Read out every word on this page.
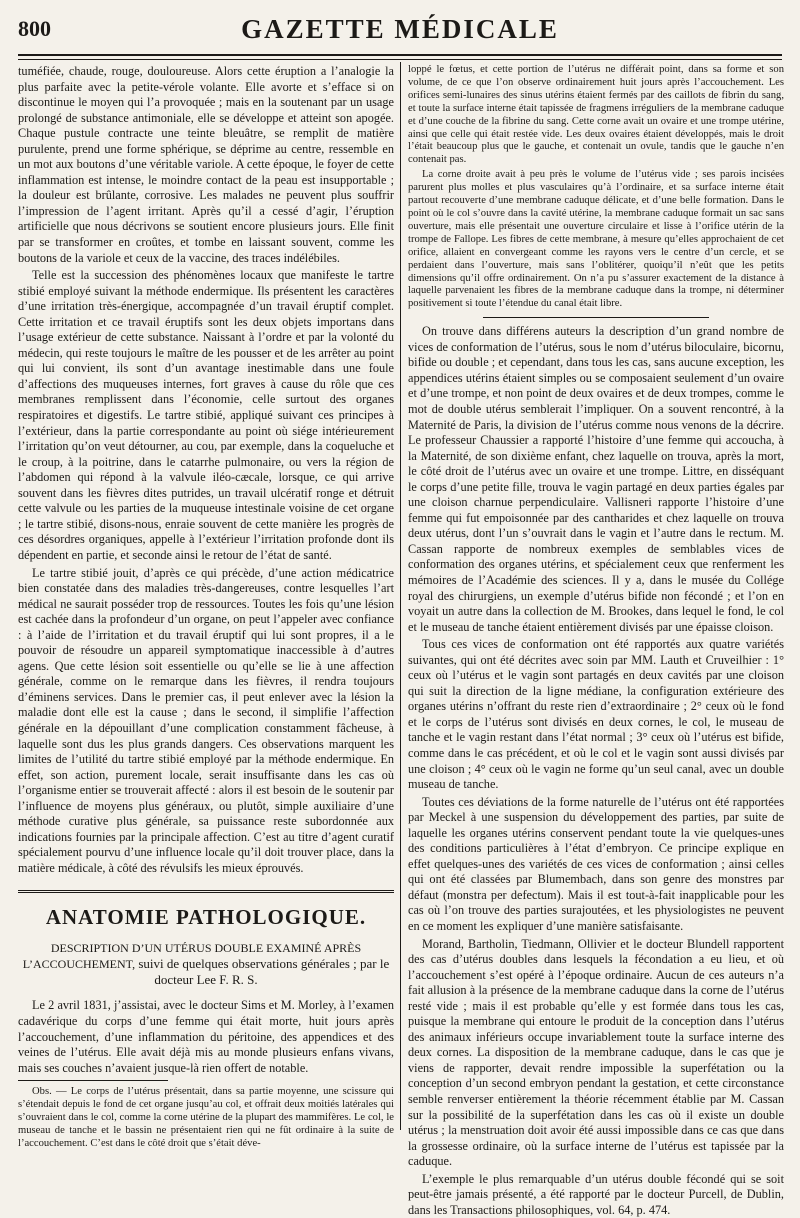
800	GAZETTE MÉDICALE

tuméfiée, chaude, rouge, douloureuse. Alors cette éruption a l’analogie la plus parfaite avec la petite-vérole volante. Elle avorte et s’efface si on discontinue le moyen qui l’a provoquée ; mais en la soutenant par un usage prolongé de substance antimoniale, elle se développe et atteint son apogée. Chaque pustule contracte une teinte bleuâtre, se remplit de matière purulente, prend une forme sphérique, se déprime au centre, ressemble en un mot aux boutons d’une véritable variole. A cette époque, le foyer de cette inflammation est intense, le moindre contact de la peau est insupportable ; la douleur est brûlante, corrosive. Les malades ne peuvent plus souffrir l’impression de l’agent irritant. Après qu’il a cessé d’agir, l’éruption artificielle que nous décrivons se soutient encore plusieurs jours. Elle finit par se transformer en croûtes, et tombe en laissant souvent, comme les boutons de la variole et ceux de la vaccine, des traces indélébiles.

Telle est la succession des phénomènes locaux que manifeste le tartre stibié employé suivant la méthode endermique. Ils présentent les caractères d’une irritation très-énergique, accompagnée d’un travail éruptif complet. Cette irritation et ce travail éruptifs sont les deux objets importans dans l’usage extérieur de cette substance. Naissant à l’ordre et par la volonté du médecin, qui reste toujours le maître de les pousser et de les arrêter au point qui lui convient, ils sont d’un avantage inestimable dans une foule d’affections des muqueuses internes, fort graves à cause du rôle que ces membranes remplissent dans l’économie, celle surtout des organes respiratoires et digestifs. Le tartre stibié, appliqué suivant ces principes à l’extérieur, dans la partie correspondante au point où siége intérieurement l’irritation qu’on veut détourner, au cou, par exemple, dans la coqueluche et le croup, à la poitrine, dans le catarrhe pulmonaire, ou vers la région de l’abdomen qui répond à la valvule iléo-cæcale, lorsque, ce qui arrive souvent dans les fièvres dites putrides, un travail ulcératif ronge et détruit cette valvule ou les parties de la muqueuse intestinale voisine de cet organe ; le tartre stibié, disons-nous, enraie souvent de cette manière les progrès de ces désordres organiques, appelle à l’extérieur l’irritation profonde dont ils dépendent en partie, et seconde ainsi le retour de l’état de santé.

Le tartre stibié jouit, d’après ce qui précède, d’une action médicatrice bien constatée dans des maladies très-dangereuses, contre lesquelles l’art médical ne saurait posséder trop de ressources. Toutes les fois qu’une lésion est cachée dans la profondeur d’un organe, on peut l’appeler avec confiance : à l’aide de l’irritation et du travail éruptif qui lui sont propres, il a le pouvoir de résoudre un appareil symptomatique inaccessible à d’autres agens. Que cette lésion soit essentielle ou qu’elle se lie à une affection générale, comme on le remarque dans les fièvres, il rendra toujours d’éminens services. Dans le premier cas, il peut enlever avec la lésion la maladie dont elle est la cause ; dans le second, il simplifie l’affection générale en la dépouillant d’une complication constamment fâcheuse, à laquelle sont dus les plus grands dangers. Ces observations marquent les limites de l’utilité du tartre stibié employé par la méthode endermique. En effet, son action, purement locale, serait insuffisante dans les cas où l’organisme entier se trouverait affecté : alors il est besoin de le soutenir par l’influence de moyens plus généraux, ou plutôt, simple auxiliaire d’une méthode curative plus générale, sa puissance reste subordonnée aux indications fournies par la principale affection. C’est au titre d’agent curatif spécialement pourvu d’une influence locale qu’il doit trouver place, dans la matière médicale, à côté des révulsifs les mieux éprouvés.

ANATOMIE PATHOLOGIQUE.
DESCRIPTION D’UN UTÉRUS DOUBLE EXAMINÉ APRÈS L’ACCOUCHEMENT, suivi de quelques observations générales ; par le docteur Lee F. R. S.

Le 2 avril 1831, j’assistai, avec le docteur Sims et M. Morley, à l’examen cadavérique du corps d’une femme qui était morte, huit jours après l’accouchement, d’une inflammation du péritoine, des appendices et des veines de l’utérus. Elle avait déjà mis au monde plusieurs enfans vivans, mais ses couches n’avaient jusque-là rien offert de notable.

Obs. — Le corps de l’utérus présentait, dans sa partie moyenne, une scissure qui s’étendait depuis le fond de cet organe jusqu’au col, et offrait deux moitiés latérales qui s’ouvraient dans le col, comme la corne utérine de la plupart des mammifères. Le col, le museau de tanche et le bassin ne présentaient rien qui ne fût ordinaire à la suite de l’accouchement. C’est dans le côté droit que s’était déve-

loppé le fœtus, et cette portion de l’utérus ne différait point, dans sa forme et son volume, de ce que l’on observe ordinairement huit jours après l’accouchement. Les orifices semi-lunaires des sinus utérins étaient fermés par des caillots de fibrin du sang, et toute la surface interne était tapissée de fragmens irréguliers de la membrane caduque et d’une couche de la fibrine du sang. Cette corne avait un ovaire et une trompe utérine, ainsi que celle qui était restée vide. Les deux ovaires étaient développés, mais le droit l’était beaucoup plus que le gauche, et contenait un ovule, tandis que le gauche n’en contenait pas.

La corne droite avait à peu près le volume de l’utérus vide ; ses parois incisées parurent plus molles et plus vasculaires qu’à l’ordinaire, et sa surface interne était partout recouverte d’une membrane caduque délicate, et d’une belle formation. Dans le point où le col s’ouvre dans la cavité utérine, la membrane caduque formait un sac sans ouverture, mais elle présentait une ouverture circulaire et lisse à l’orifice utérin de la trompe de Fallope. Les fibres de cette membrane, à mesure qu’elles approchaient de cet orifice, allaient en convergeant comme les rayons vers le centre d’un cercle, et se perdaient dans l’ouverture, mais sans l’oblitérer, quoiqu’il n’eût que les petits dimensions qu’il offre ordinairement. On n’a pu s’assurer exactement de la distance à laquelle parvenaient les fibres de la membrane caduque dans la trompe, ni déterminer positivement si toute l’étendue du canal était libre.

On trouve dans différens auteurs la description d’un grand nombre de vices de conformation de l’utérus, sous le nom d’utérus biloculaire, bicornu, bifide ou double ; et cependant, dans tous les cas, sans aucune exception, les appendices utérins étaient simples ou se composaient seulement d’un ovaire et d’une trompe, et non point de deux ovaires et de deux trompes, comme le mot de double utérus semblerait l’impliquer. On a souvent rencontré, à la Maternité de Paris, la division de l’utérus comme nous venons de la décrire. Le professeur Chaussier a rapporté l’histoire d’une femme qui accoucha, à la Maternité, de son dixième enfant, chez laquelle on trouva, après la mort, le côté droit de l’utérus avec un ovaire et une trompe. Littre, en disséquant le corps d’une petite fille, trouva le vagin partagé en deux parties égales par une cloison charnue perpendiculaire. Vallisneri rapporte l’histoire d’une femme qui fut empoisonnée par des cantharides et chez laquelle on trouva deux utérus, dont l’un s’ouvrait dans le vagin et l’autre dans le rectum. M. Cassan rapporte de nombreux exemples de semblables vices de conformation des organes utérins, et spécialement ceux que renferment les mémoires de l’Académie des sciences. Il y a, dans le musée du Collége royal des chirurgiens, un exemple d’utérus bifide non fécondé ; et l’on en voyait un autre dans la collection de M. Brookes, dans lequel le fond, le col et le museau de tanche étaient entièrement divisés par une épaisse cloison.

Tous ces vices de conformation ont été rapportés aux quatre variétés suivantes, qui ont été décrites avec soin par MM. Lauth et Cruveilhier : 1° ceux où l’utérus et le vagin sont partagés en deux cavités par une cloison qui suit la direction de la ligne médiane, la configuration extérieure des organes utérins n’offrant du reste rien d’extraordinaire ; 2° ceux où le fond et le corps de l’utérus sont divisés en deux cornes, le col, le museau de tanche et le vagin restant dans l’état normal ; 3° ceux où l’utérus est bifide, comme dans le cas précédent, et où le col et le vagin sont aussi divisés par une cloison ; 4° ceux où le vagin ne forme qu’un seul canal, avec un double museau de tanche.

Toutes ces déviations de la forme naturelle de l’utérus ont été rapportées par Meckel à une suspension du développement des parties, par suite de laquelle les organes utérins conservent pendant toute la vie quelques-unes des conditions particulières à l’état d’embryon. Ce principe explique en effet quelques-unes des variétés de ces vices de conformation ; ainsi celles qui ont été classées par Blumembach, dans son genre des monstres par défaut (monstra per defectum). Mais il est tout-à-fait inapplicable pour les cas où l’on trouve des parties surajoutées, et les physiologistes ne peuvent en ce moment les expliquer d’une manière satisfaisante.

Morand, Bartholin, Tiedmann, Ollivier et le docteur Blundell rapportent des cas d’utérus doubles dans lesquels la fécondation a eu lieu, et où l’accouchement s’est opéré à l’époque ordinaire. Aucun de ces auteurs n’a fait allusion à la présence de la membrane caduque dans la corne de l’utérus resté vide ; mais il est probable qu’elle y est formée dans tous les cas, puisque la membrane qui entoure le produit de la conception dans l’utérus des animaux inférieurs occupe invariablement toute la surface interne des deux cornes. La disposition de la membrane caduque, dans le cas que je viens de rapporter, devait rendre impossible la superfétation ou la conception d’un second embryon pendant la gestation, et cette circonstance semble renverser entièrement la théorie récemment établie par M. Cassan sur la possibilité de la superfétation dans les cas où il existe un double utérus ; la menstruation doit avoir été aussi impossible dans ce cas que dans la grossesse ordinaire, où la surface interne de l’utérus est tapissée par la caduque.

L’exemple le plus remarquable d’un utérus double fécondé qui se soit peut-être jamais présenté, a été rapporté par le docteur Purcell, de Dublin, dans les Transactions philosophiques, vol. 64, p. 474.
